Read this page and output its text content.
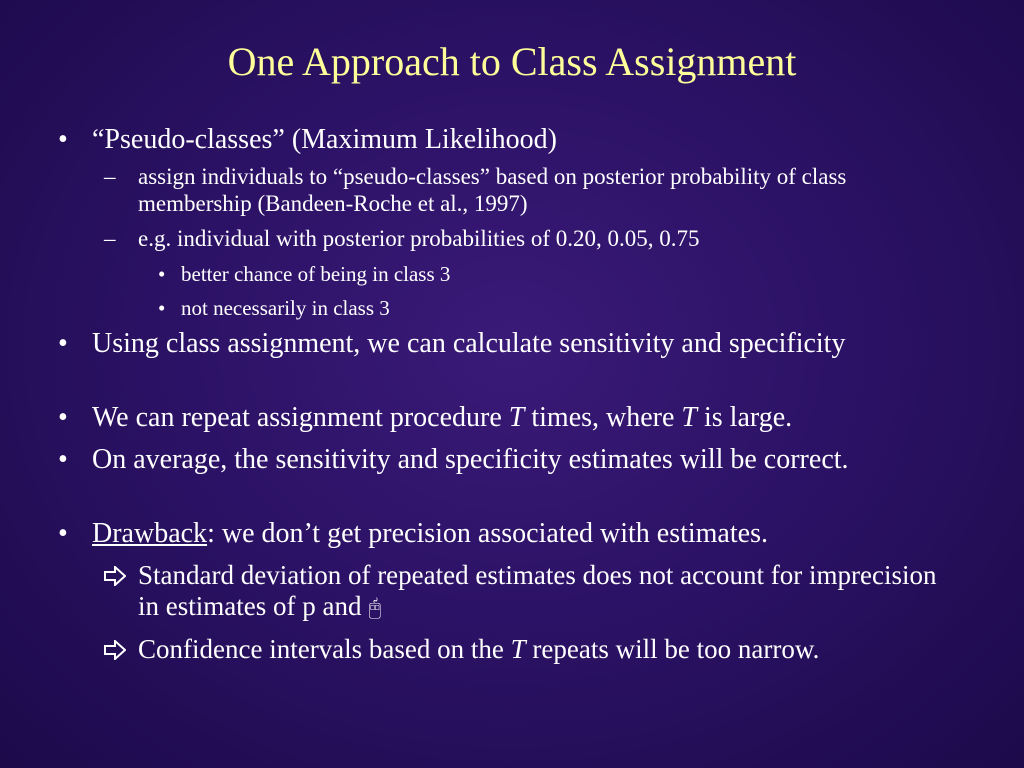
One Approach to Class Assignment
• “Pseudo-classes” (Maximum Likelihood)
– assign individuals to “pseudo-classes” based on posterior probability of class membership (Bandeen-Roche et al., 1997)
– e.g. individual with posterior probabilities of 0.20, 0.05, 0.75
• better chance of being in class 3
• not necessarily in class 3
• Using class assignment, we can calculate sensitivity and specificity
• We can repeat assignment procedure T times, where T is large.
• On average, the sensitivity and specificity estimates will be correct.
• Drawback: we don’t get precision associated with estimates.
Standard deviation of repeated estimates does not account for imprecision in estimates of p and 🖰
Confidence intervals based on the T repeats will be too narrow.
